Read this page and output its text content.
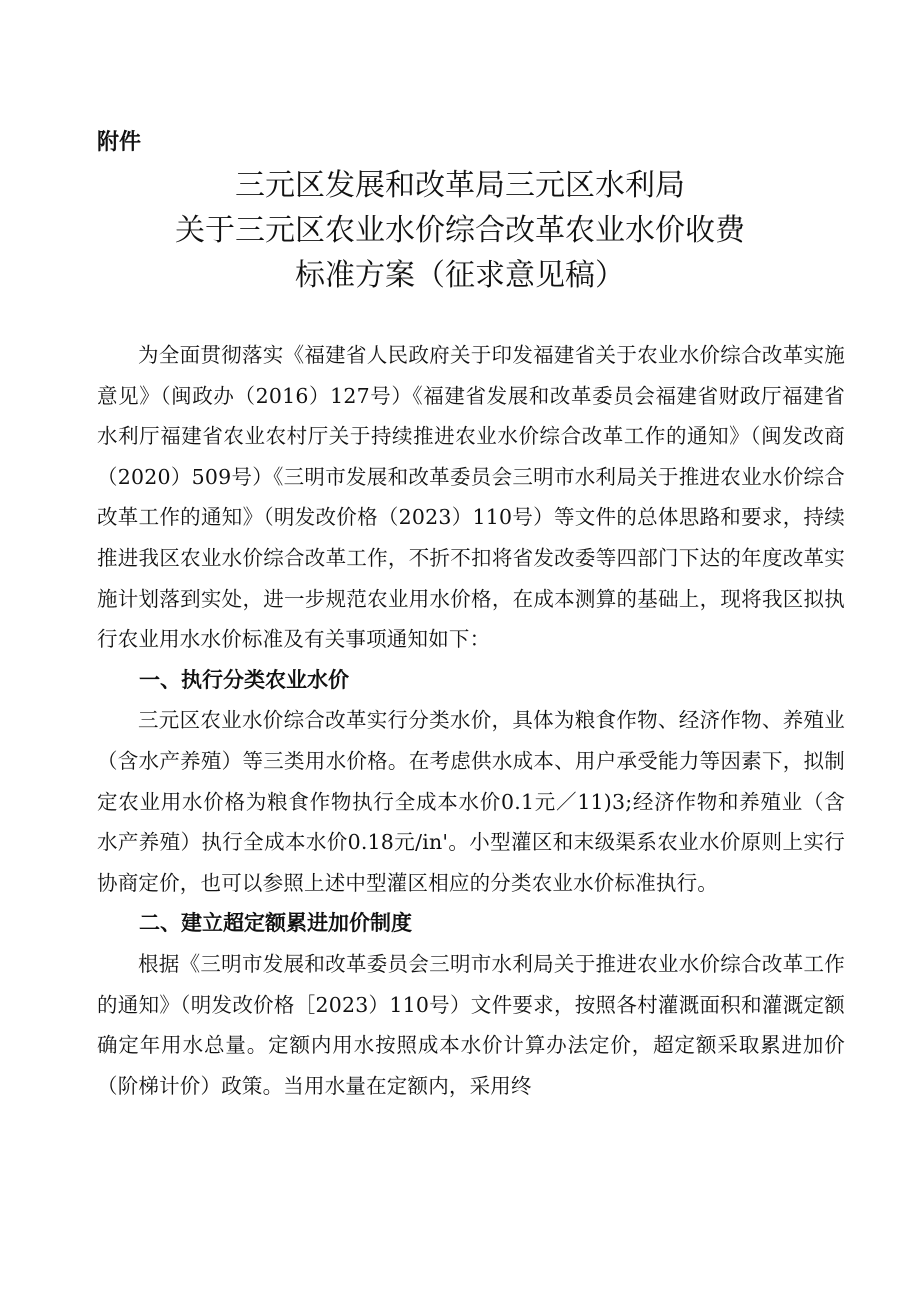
附件
三元区发展和改革局三元区水利局
关于三元区农业水价综合改革农业水价收费
标准方案（征求意见稿）

为全面贯彻落实《福建省人民政府关于印发福建省关于农业水价综合改革实施意见》（闽政办（2016）127号）《福建省发展和改革委员会福建省财政厅福建省水利厅福建省农业农村厅关于持续推进农业水价综合改革工作的通知》（闽发改商（2020）509号）《三明市发展和改革委员会三明市水利局关于推进农业水价综合改革工作的通知》（明发改价格（2023）110号）等文件的总体思路和要求，持续推进我区农业水价综合改革工作，不折不扣将省发改委等四部门下达的年度改革实施计划落到实处，进一步规范农业用水价格，在成本测算的基础上，现将我区拟执行农业用水水价标准及有关事项通知如下：

一、执行分类农业水价

三元区农业水价综合改革实行分类水价，具体为粮食作物、经济作物、养殖业（含水产养殖）等三类用水价格。在考虑供水成本、用户承受能力等因素下，拟制定农业用水价格为粮食作物执行全成本水价0.1元／11)3;经济作物和养殖业（含水产养殖）执行全成本水价0.18元/in'。小型灌区和末级渠系农业水价原则上实行协商定价，也可以参照上述中型灌区相应的分类农业水价标准执行。

二、建立超定额累进加价制度

根据《三明市发展和改革委员会三明市水利局关于推进农业水价综合改革工作的通知》（明发改价格［2023）110号）文件要求，按照各村灌溉面积和灌溉定额确定年用水总量。定额内用水按照成本水价计算办法定价，超定额采取累进加价（阶梯计价）政策。当用水量在定额内，采用终
